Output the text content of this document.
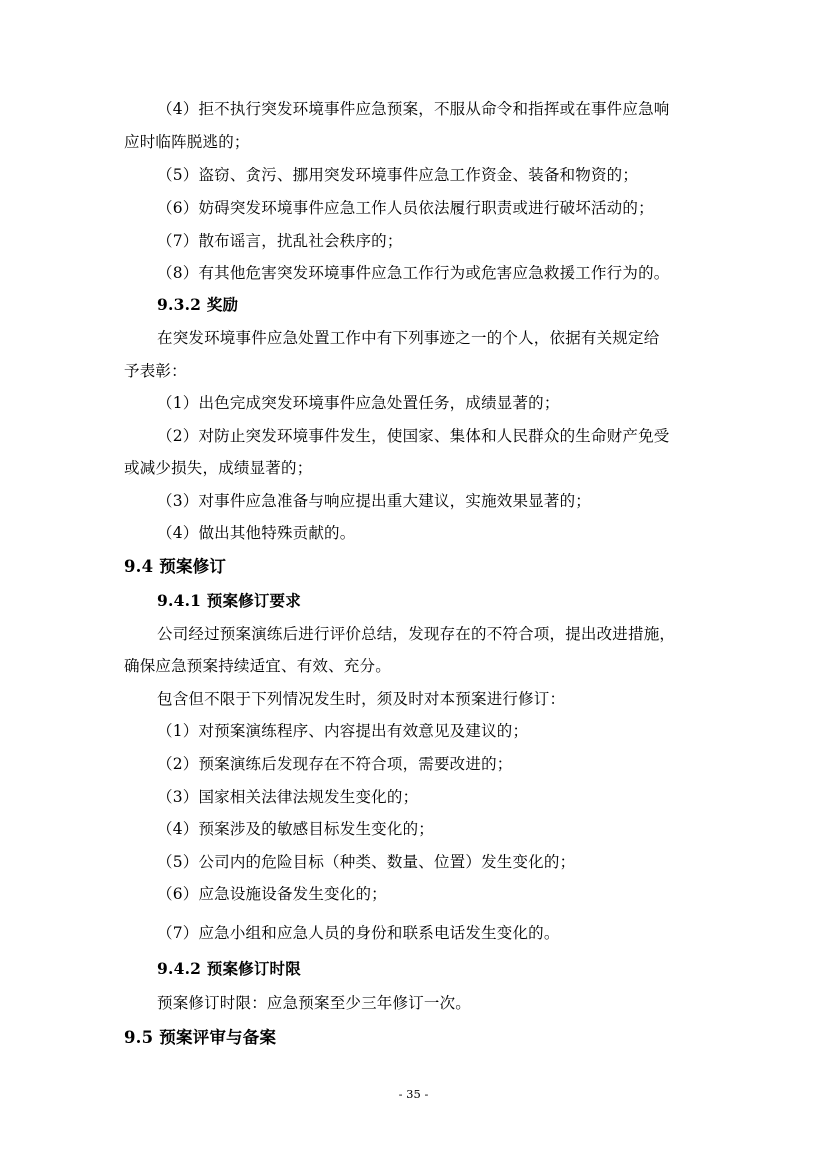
（4）拒不执行突发环境事件应急预案，不服从命令和指挥或在事件应急响

应时临阵脱逃的；

（5）盗窃、贪污、挪用突发环境事件应急工作资金、装备和物资的；

（6）妨碍突发环境事件应急工作人员依法履行职责或进行破坏活动的；

（7）散布谣言，扰乱社会秩序的；

（8）有其他危害突发环境事件应急工作行为或危害应急救援工作行为的。

9.3.2 奖励

在突发环境事件应急处置工作中有下列事迹之一的个人，依据有关规定给

予表彰：

（1）出色完成突发环境事件应急处置任务，成绩显著的；

（2）对防止突发环境事件发生，使国家、集体和人民群众的生命财产免受

或减少损失，成绩显著的；

（3）对事件应急准备与响应提出重大建议，实施效果显著的；

（4）做出其他特殊贡献的。

9.4 预案修订

9.4.1 预案修订要求

公司经过预案演练后进行评价总结，发现存在的不符合项，提出改进措施，

确保应急预案持续适宜、有效、充分。

包含但不限于下列情况发生时，须及时对本预案进行修订：

（1）对预案演练程序、内容提出有效意见及建议的；

（2）预案演练后发现存在不符合项，需要改进的；

（3）国家相关法律法规发生变化的；

（4）预案涉及的敏感目标发生变化的；

（5）公司内的危险目标（种类、数量、位置）发生变化的；

（6）应急设施设备发生变化的；

（7）应急小组和应急人员的身份和联系电话发生变化的。

9.4.2 预案修订时限

预案修订时限：应急预案至少三年修订一次。

9.5 预案评审与备案

- 35 -
